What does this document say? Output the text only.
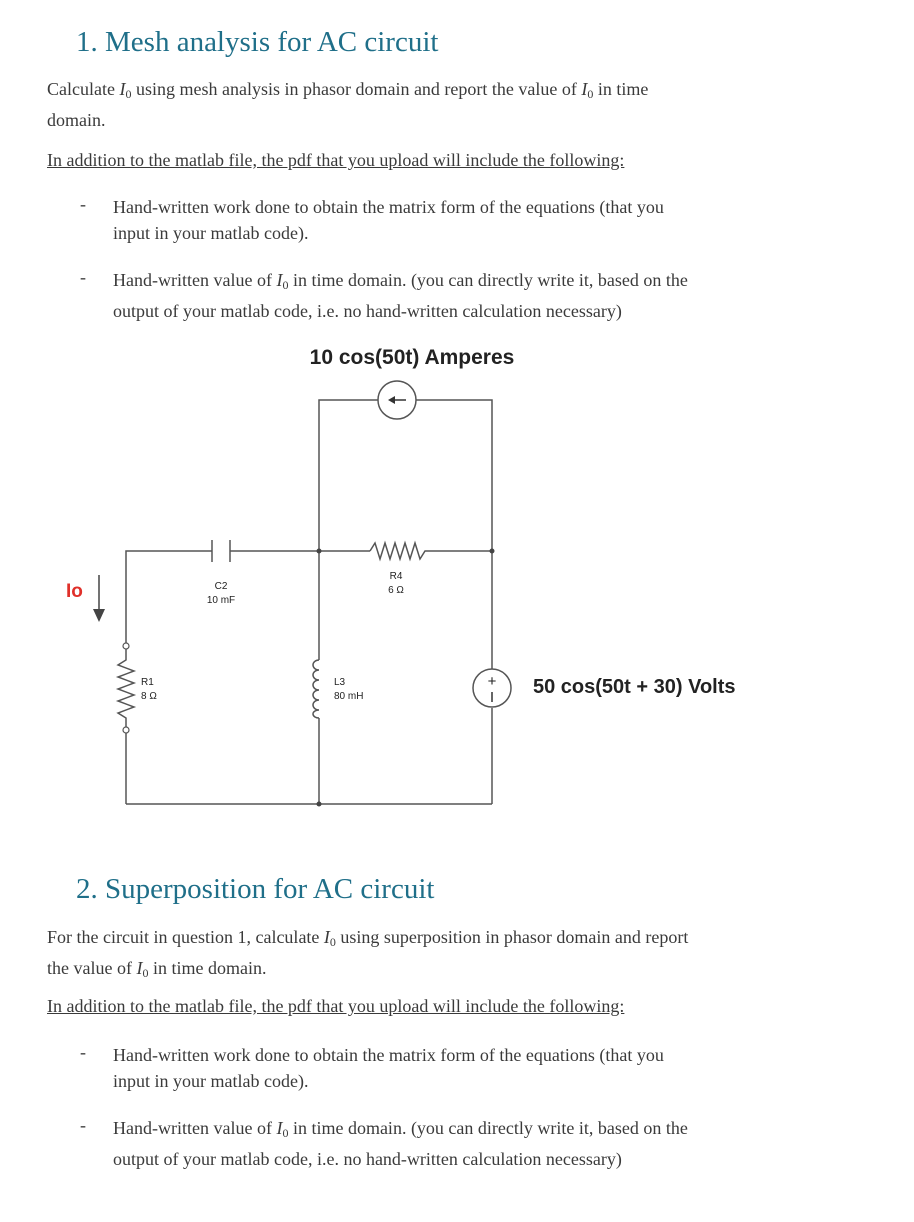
1. Mesh analysis for AC circuit
Calculate $I_0$ using mesh analysis in phasor domain and report the value of $I_0$ in time
domain.
In addition to the matlab file, the pdf that you upload will include the following:
- Hand-written work done to obtain the matrix form of the equations (that you
input in your matlab code).
- Hand-written value of $I_0$ in time domain. (you can directly write it, based on the
output of your matlab code, i.e. no hand-written calculation necessary)
10 cos(50t) Amperes
C2
10 mF
R4
6 Ω
Io
R1
8 Ω
L3
80 mH
+ 50 cos(50t + 30) Volts
2. Superposition for AC circuit
For the circuit in question 1, calculate $I_0$ using superposition in phasor domain and report
the value of $I_0$ in time domain.
In addition to the matlab file, the pdf that you upload will include the following:
- Hand-written work done to obtain the matrix form of the equations (that you
input in your matlab code).
- Hand-written value of $I_0$ in time domain. (you can directly write it, based on the
output of your matlab code, i.e. no hand-written calculation necessary)
